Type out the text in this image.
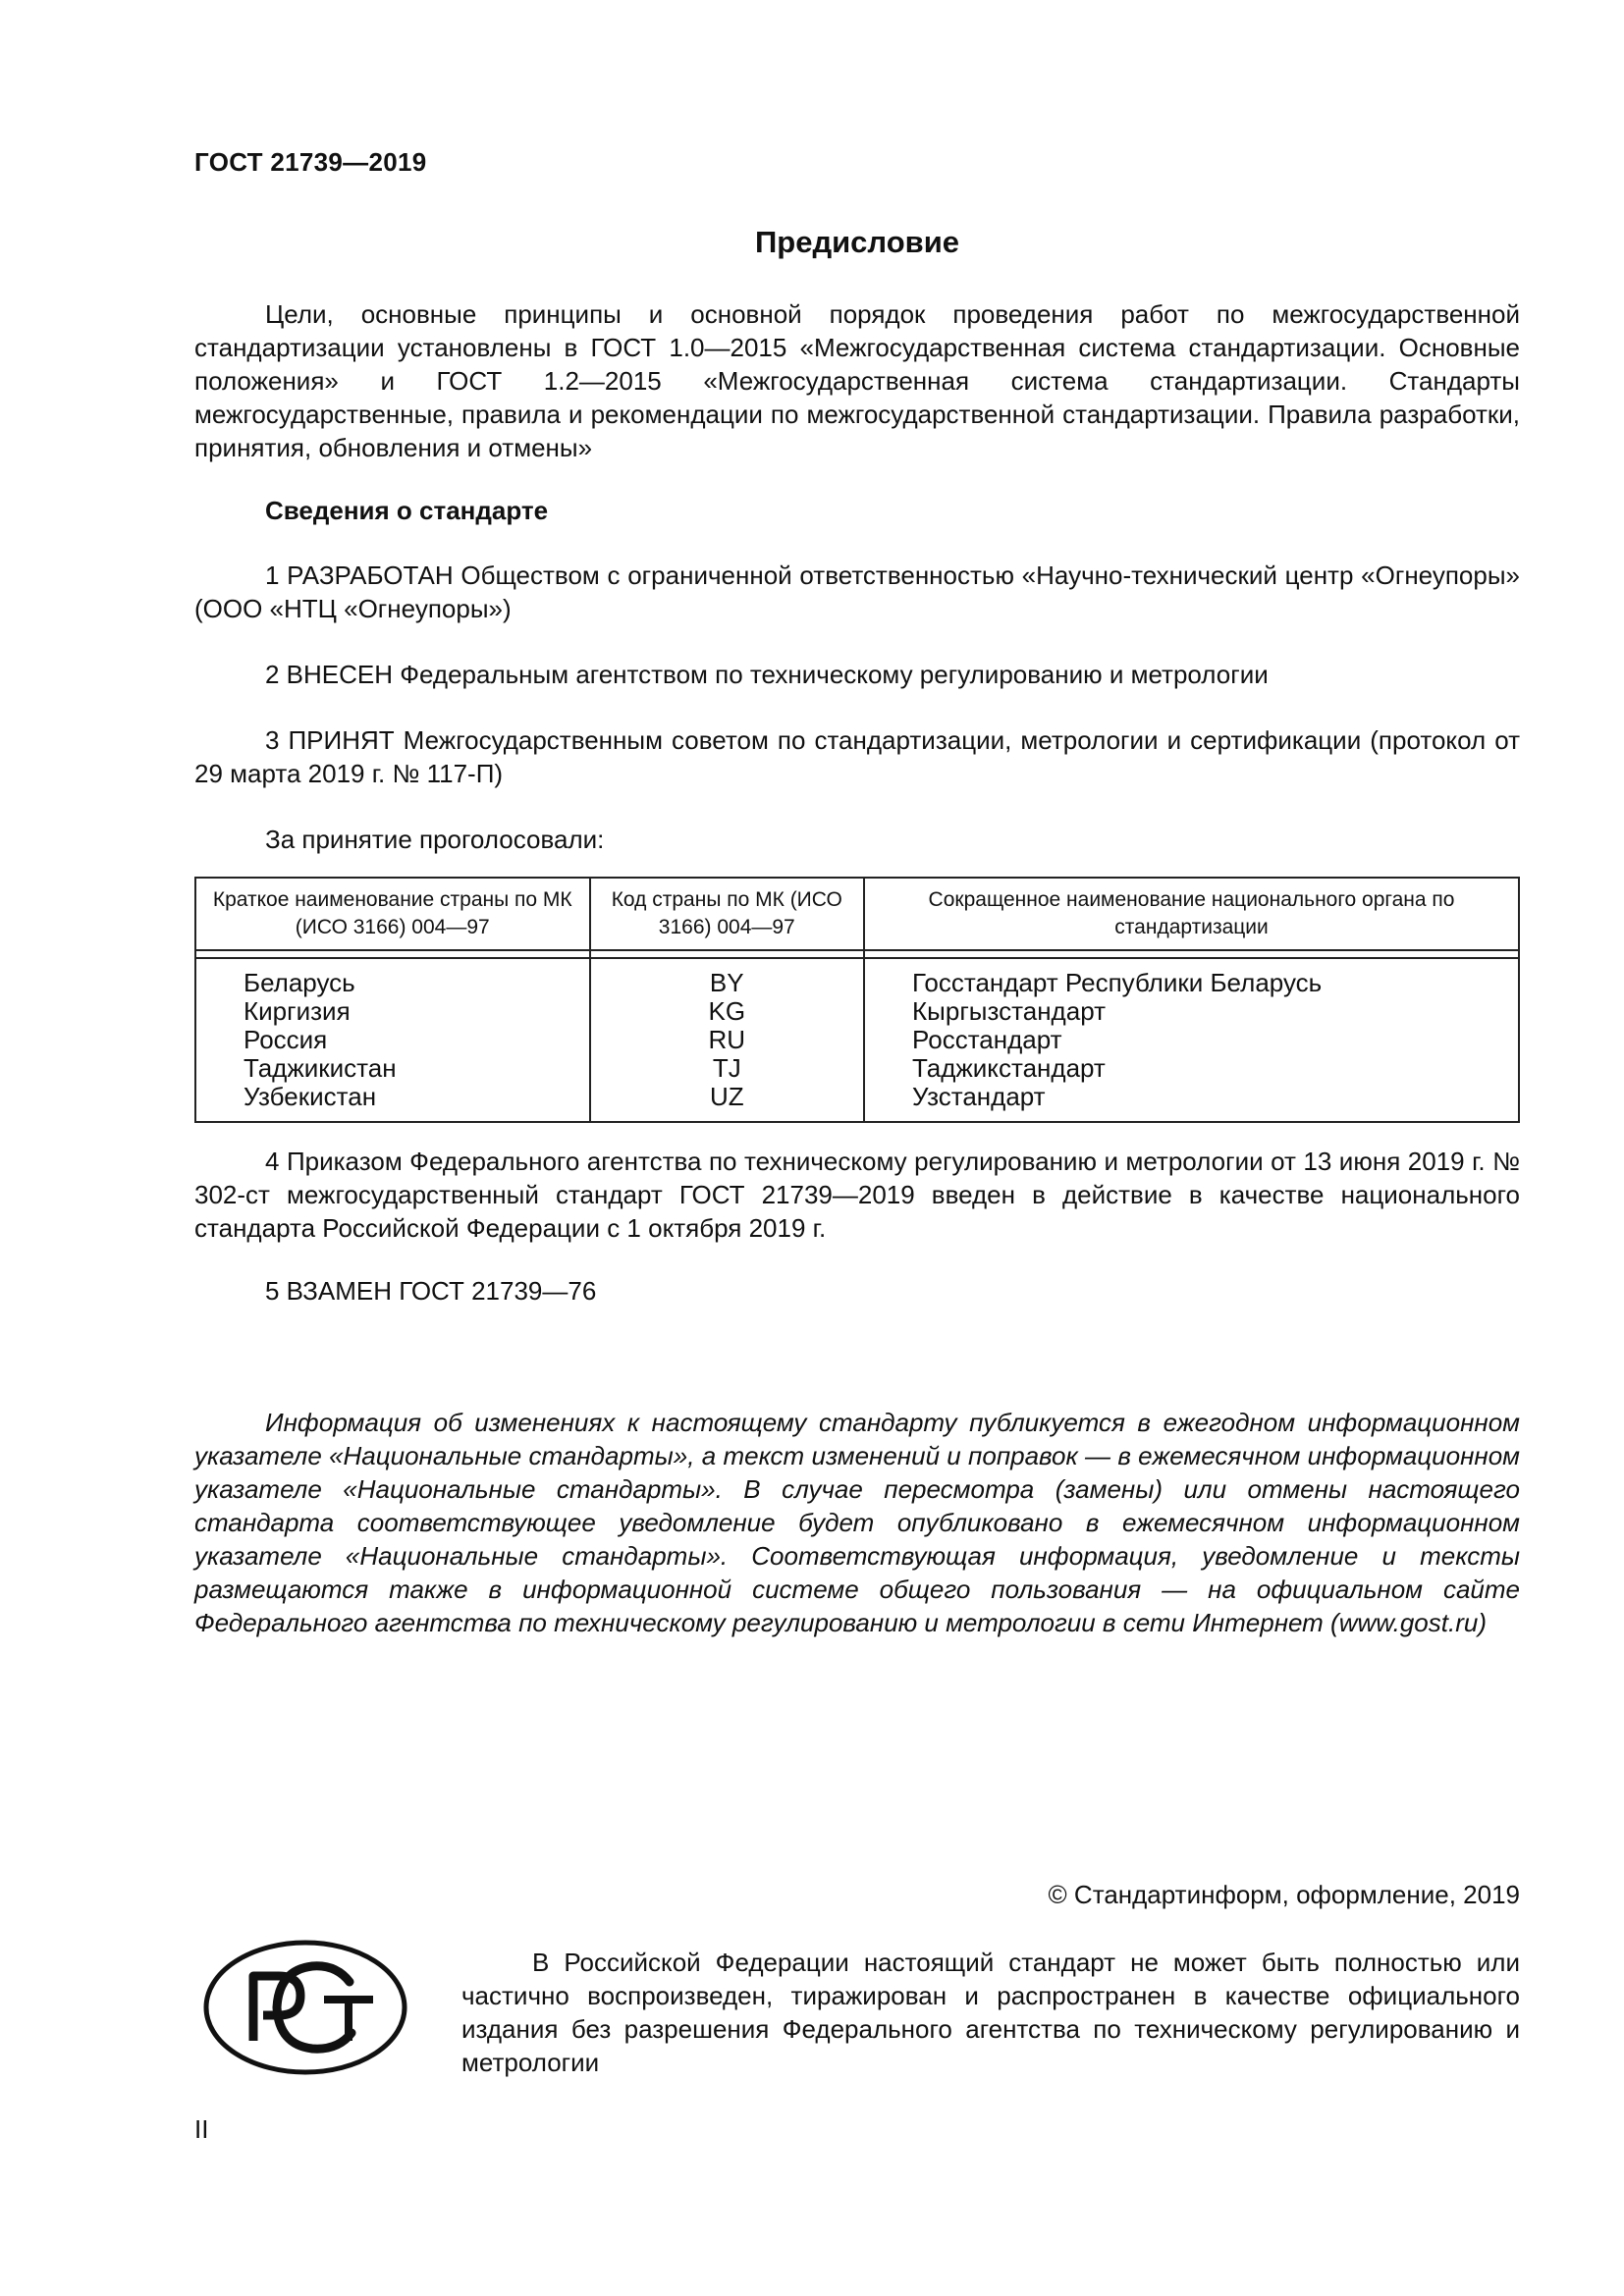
ГОСТ 21739—2019
Предисловие

Цели, основные принципы и основной порядок проведения работ по межгосударственной стандартизации установлены в ГОСТ 1.0—2015 «Межгосударственная система стандартизации. Основные положения» и ГОСТ 1.2—2015 «Межгосударственная система стандартизации. Стандарты межгосударственные, правила и рекомендации по межгосударственной стандартизации. Правила разработки, принятия, обновления и отмены»

Сведения о стандарте

1 РАЗРАБОТАН Обществом с ограниченной ответственностью «Научно-технический центр «Огнеупоры» (ООО «НТЦ «Огнеупоры»)

2 ВНЕСЕН Федеральным агентством по техническому регулированию и метрологии

3 ПРИНЯТ Межгосударственным советом по стандартизации, метрологии и сертификации (протокол от 29 марта 2019 г. № 117-П)

За принятие проголосовали:

Краткое наименование страны по МК (ИСО 3166) 004—97	Код страны по МК (ИСО 3166) 004—97	Сокращенное наименование национального органа по стандартизации

Беларусь	BY	Госстандарт Республики Беларусь

Киргизия	KG	Кыргызстандарт

Россия	RU	Росстандарт

Таджикистан	TJ	Таджикстандарт

Узбекистан	UZ	Узстандарт

4 Приказом Федерального агентства по техническому регулированию и метрологии от 13 июня 2019 г. № 302-ст межгосударственный стандарт ГОСТ 21739—2019 введен в действие в качестве национального стандарта Российской Федерации с 1 октября 2019 г.

5 ВЗАМЕН ГОСТ 21739—76

Информация об изменениях к настоящему стандарту публикуется в ежегодном информационном указателе «Национальные стандарты», а текст изменений и поправок — в ежемесячном информационном указателе «Национальные стандарты». В случае пересмотра (замены) или отмены настоящего стандарта соответствующее уведомление будет опубликовано в ежемесячном информационном указателе «Национальные стандарты». Соответствующая информация, уведомление и тексты размещаются также в информационной системе общего пользования — на официальном сайте Федерального агентства по техническому регулированию и метрологии в сети Интернет (www.gost.ru)

© Стандартинформ, оформление, 2019

В Российской Федерации настоящий стандарт не может быть полностью или частично воспроизведен, тиражирован и распространен в качестве официального издания без разрешения Федерального агентства по техническому регулированию и метрологии

II
